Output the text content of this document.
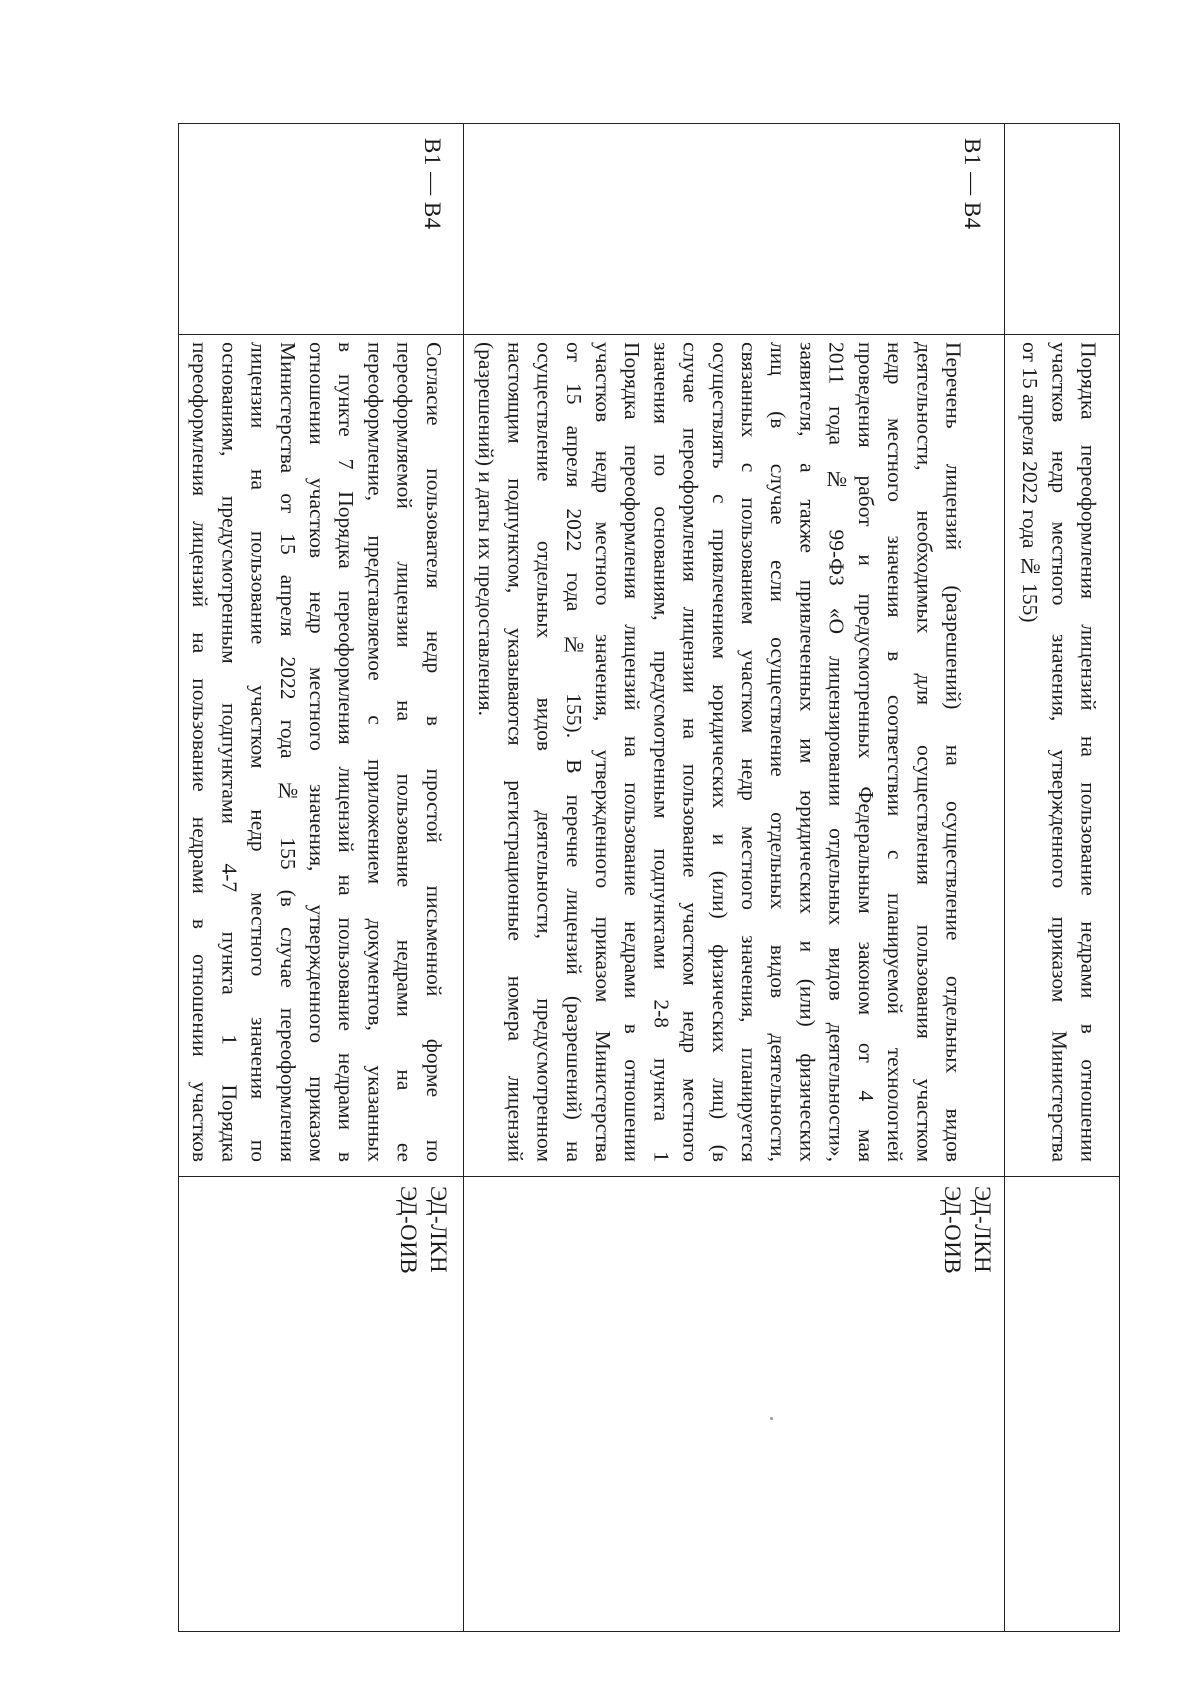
Порядка переоформления лицензий на пользование недрами в отношении

участков недр местного значения, утвержденного приказом Министерства

от 15 апреля 2022 года № 155)

В1 — В4

Перечень лицензий (разрешений) на осуществление отдельных видов

деятельности, необходимых для осуществления пользования участком

недр местного значения в соответствии с планируемой технологией

проведения работ и предусмотренных Федеральным законом от 4 мая

2011 года № 99-ФЗ «О лицензировании отдельных видов деятельности»,

заявителя, а также привлеченных им юридических и (или) физических

лиц (в случае если осуществление отдельных видов деятельности,

связанных с пользованием участком недр местного значения, планируется

осуществлять с привлечением юридических и (или) физических лиц) (в

случае переоформления лицензии на пользование участком недр местного

значения по основаниям, предусмотренным подпунктами 2-8 пункта 1

Порядка переоформления лицензий на пользование недрами в отношении

участков недр местного значения, утвержденного приказом Министерства

от 15 апреля 2022 года № 155). В перечне лицензий (разрешений) на

осуществление отдельных видов деятельности, предусмотренном

настоящим подпунктом, указываются регистрационные номера лицензий

(разрешений) и даты их предоставления.

ЭД-ЛКН
ЭД-ОИВ
В1 — В4

Согласие пользователя недр в простой письменной форме по

переоформляемой лицензии на пользование недрами на ее

переоформление, представляемое с приложением документов, указанных

в пункте 7 Порядка переоформления лицензий на пользование недрами в

отношении участков недр местного значения, утвержденного приказом

Министерства от 15 апреля 2022 года № 155 (в случае переоформления

лицензии на пользование участком недр местного значения по

основаниям, предусмотренным подпунктами 4-7 пункта 1 Порядка

переоформления лицензий на пользование недрами в отношении участков

ЭД-ЛКН
ЭД-ОИВ
